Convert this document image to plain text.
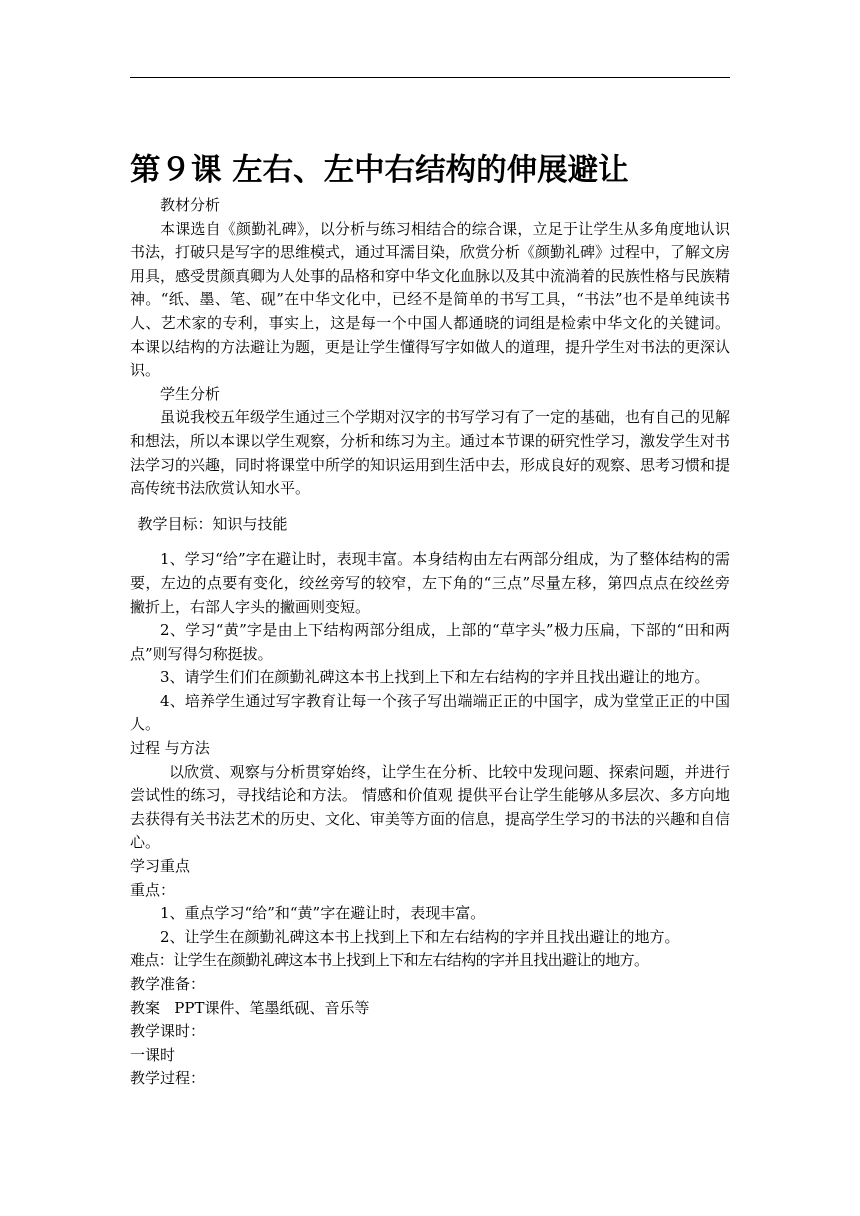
第９课 左右、左中右结构的伸展避让

教材分析

本课选自《颜勤礼碑》，以分析与练习相结合的综合课，立足于让学生从多角度地认识书法，打破只是写字的思维模式，通过耳濡目染，欣赏分析《颜勤礼碑》过程中，了解文房用具，感受贯颜真卿为人处事的品格和穿中华文化血脉以及其中流淌着的民族性格与民族精神。“纸、墨、笔、砚”在中华文化中，已经不是简单的书写工具，“书法”也不是单纯读书人、艺术家的专利，事实上，这是每一个中国人都通晓的词组是检索中华文化的关键词。 本课以结构的方法避让为题，更是让学生懂得写字如做人的道理，提升学生对书法的更深认识。

学生分析

虽说我校五年级学生通过三个学期对汉字的书写学习有了一定的基础，也有自己的见解和想法，所以本课以学生观察，分析和练习为主。通过本节课的研究性学习，激发学生对书法学习的兴趣，同时将课堂中所学的知识运用到生活中去，形成良好的观察、思考习惯和提高传统书法欣赏认知水平。

教学目标：知识与技能

1、学习“给”字在避让时，表现丰富。本身结构由左右两部分组成，为了整体结构的需要，左边的点要有变化，绞丝旁写的较窄，左下角的“三点”尽量左移，第四点点在绞丝旁撇折上，右部人字头的撇画则变短。

2、学习“黄”字是由上下结构两部分组成，上部的“草字头”极力压扁，下部的“田和两点”则写得匀称挺拔。

3、请学生们们在颜勤礼碑这本书上找到上下和左右结构的字并且找出避让的地方。

4、培养学生通过写字教育让每一个孩子写出端端正正的中国字，成为堂堂正正的中国人。

过程 与方法

以欣赏、观察与分析贯穿始终，让学生在分析、比较中发现问题、探索问题，并进行尝试性的练习，寻找结论和方法。 情感和价值观 提供平台让学生能够从多层次、多方向地去获得有关书法艺术的历史、文化、审美等方面的信息，提高学生学习的书法的兴趣和自信心。

学习重点

重点：

1、重点学习“给”和“黄”字在避让时，表现丰富。

2、让学生在颜勤礼碑这本书上找到上下和左右结构的字并且找出避让的地方。

难点：让学生在颜勤礼碑这本书上找到上下和左右结构的字并且找出避让的地方。

教学准备：

教案   PPT课件、笔墨纸砚、音乐等

教学课时：

一课时

教学过程：
